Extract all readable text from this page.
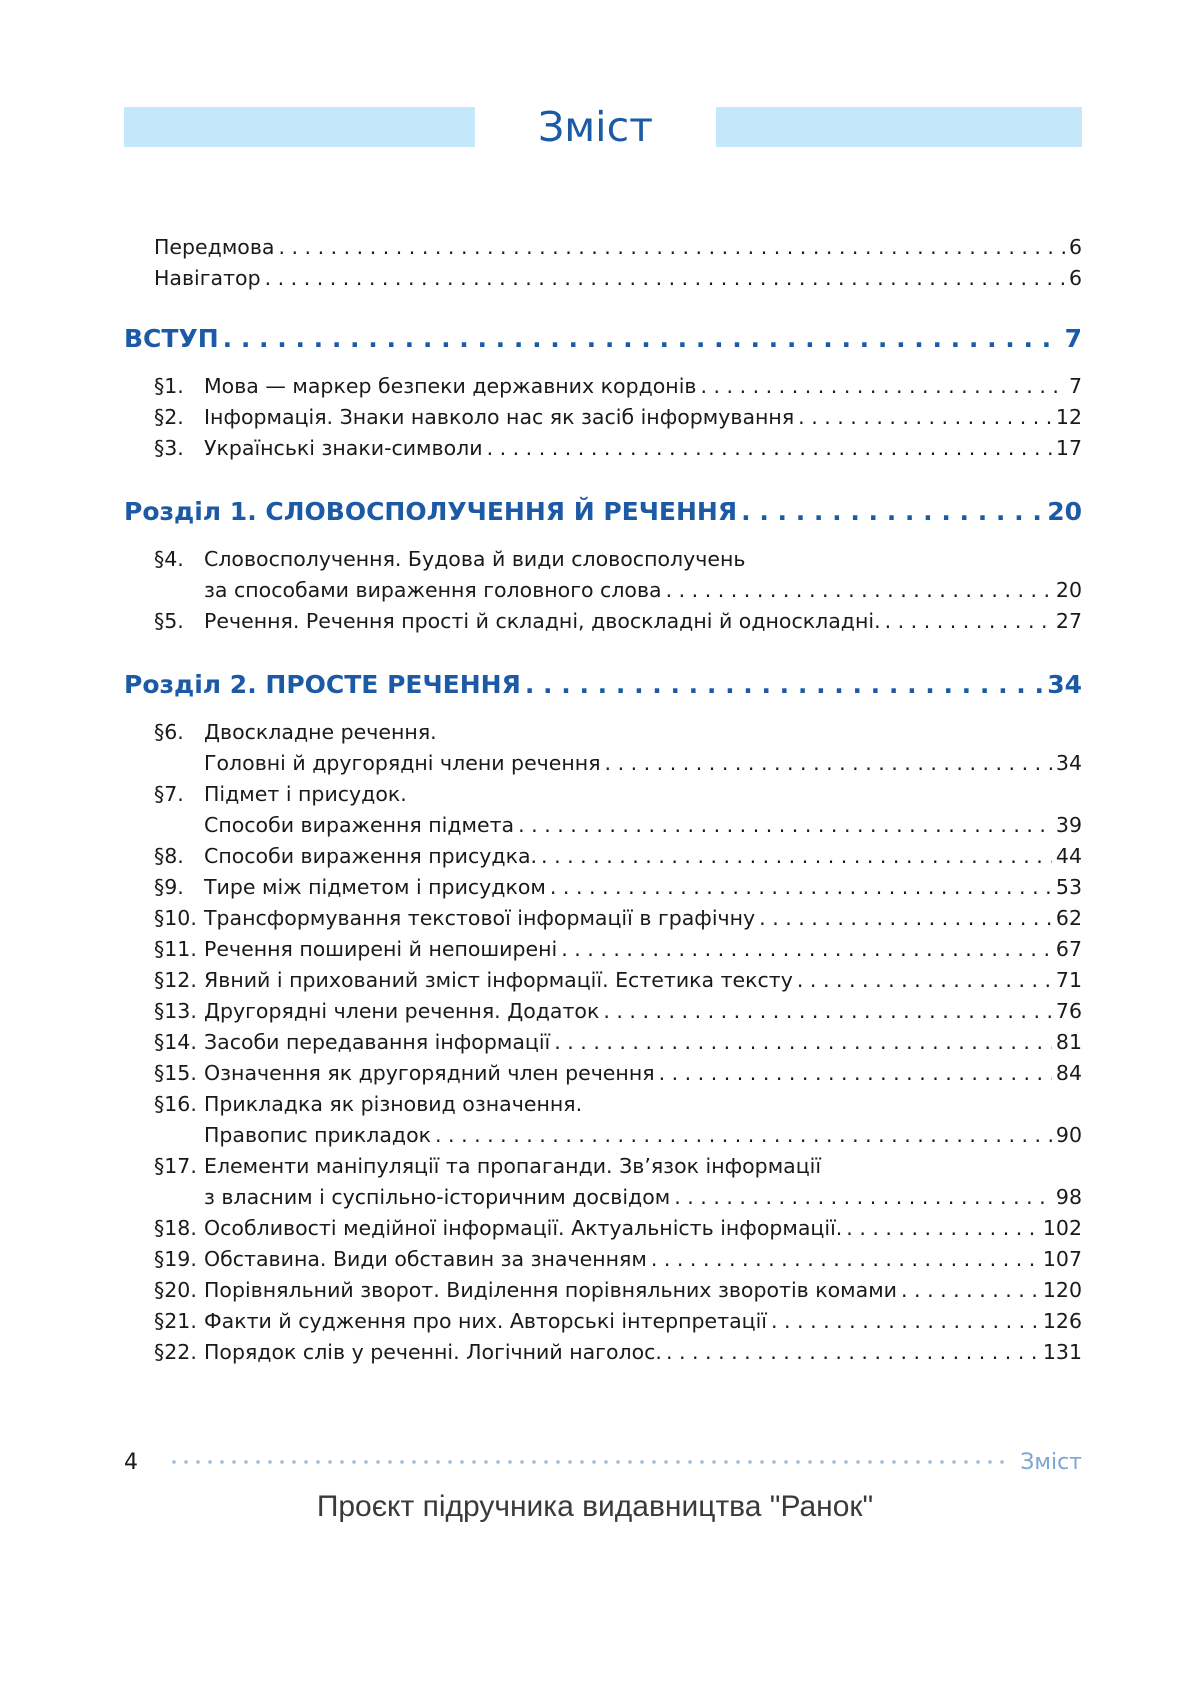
Зміст
Передмова . . .	6
Навігатор . . .	6
ВСТУП . . .	7
§1. Мова — маркер безпеки державних кордонів . . .	7
§2. Інформація. Знаки навколо нас як засіб інформування . . .	12
§3. Українські знаки-символи . . .	17
Розділ 1. СЛОВОСПОЛУЧЕННЯ Й РЕЧЕННЯ . . .	20
§4. Словосполучення. Будова й види словосполучень
за способами вираження головного слова . . .	20
§5. Речення. Речення прості й складні, двоскладні й односкладні. . . .	27
Розділ 2. ПРОСТЕ РЕЧЕННЯ . . .	34
§6. Двоскладне речення.
Головні й другорядні члени речення . . .	34
§7. Підмет і присудок.
Способи вираження підмета . . .	39
§8. Способи вираження присудка. . . .	44
§9. Тире між підметом і присудком . . .	53
§10. Трансформування текстової інформації в графічну . . .	62
§11. Речення поширені й непоширені . . .	67
§12. Явний і прихований зміст інформації. Естетика тексту . . .	71
§13. Другорядні члени речення. Додаток . . .	76
§14. Засоби передавання інформації . . .	81
§15. Означення як другорядний член речення . . .	84
§16. Прикладка як різновид означення.
Правопис прикладок . . .	90
§17. Елементи маніпуляції та пропаганди. Зв’язок інформації
з власним і суспільно-історичним досвідом . . .	98
§18. Особливості медійної інформації. Актуальність інформації. . . .	102
§19. Обставина. Види обставин за значенням . . .	107
§20. Порівняльний зворот. Виділення порівняльних зворотів комами . . .	120
§21. Факти й судження про них. Авторські інтерпретації . . .	126
§22. Порядок слів у реченні. Логічний наголос. . . .	131
4	Зміст
Проєкт підручника видавництва "Ранок"
